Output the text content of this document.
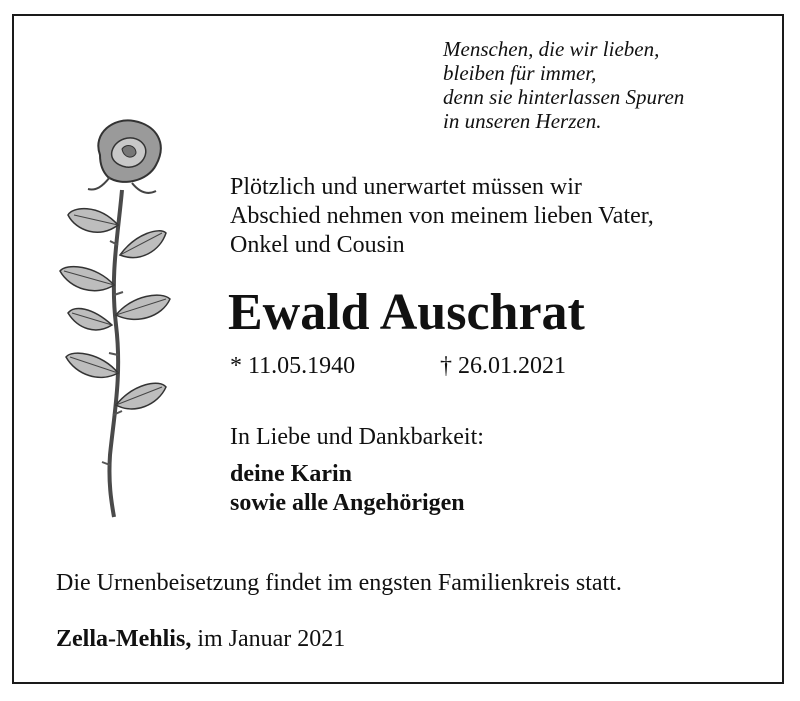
Menschen, die wir lieben,
bleiben für immer,
denn sie hinterlassen Spuren
in unseren Herzen.
Plötzlich und unerwartet müssen wir
Abschied nehmen von meinem lieben Vater,
Onkel und Cousin
Ewald Auschrat
* 11.05.1940	† 26.01.2021
In Liebe und Dankbarkeit:
deine Karin
sowie alle Angehörigen
Die Urnenbeisetzung findet im engsten Familienkreis statt.
Zella-Mehlis, im Januar 2021
